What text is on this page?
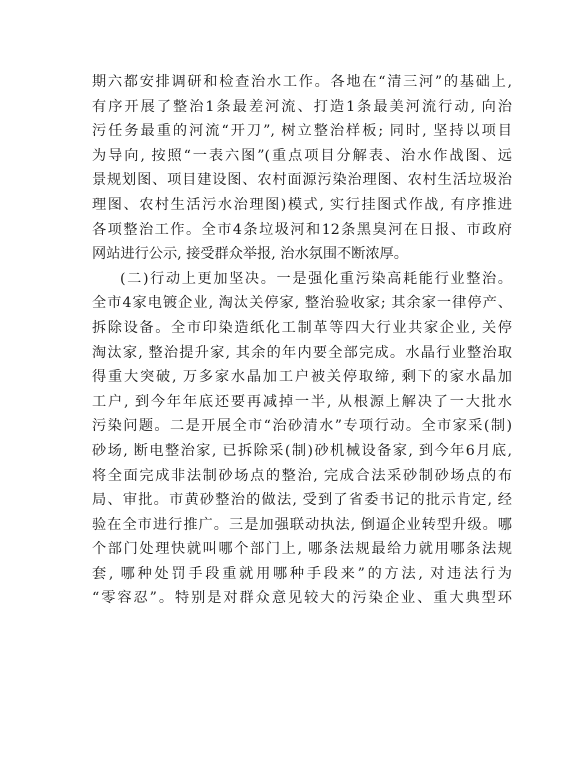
期六都安排调研和检查治水工作。各地在“清三河”的基础上,
有序开展了整治1条最差河流、打造1条最美河流行动, 向治
污任务最重的河流“开刀”, 树立整治样板; 同时, 坚持以项目
为导向, 按照“一表六图”(重点项目分解表、治水作战图、远
景规划图、项目建设图、农村面源污染治理图、农村生活垃圾治
理图、农村生活污水治理图)模式, 实行挂图式作战, 有序推进
各项整治工作。全市4条垃圾河和12条黑臭河在日报、市政府
网站进行公示, 接受群众举报, 治水氛围不断浓厚。
(二)行动上更加坚决。一是强化重污染高耗能行业整治。
全市4家电镀企业, 淘汰关停家, 整治验收家; 其余家一律停产、
拆除设备。全市印染造纸化工制革等四大行业共家企业, 关停
淘汰家, 整治提升家, 其余的年内要全部完成。水晶行业整治取
得重大突破, 万多家水晶加工户被关停取缔, 剩下的家水晶加
工户, 到今年年底还要再减掉一半, 从根源上解决了一大批水
污染问题。二是开展全市“治砂清水”专项行动。全市家采(制)
砂场, 断电整治家, 已拆除采(制)砂机械设备家, 到今年6月底,
将全面完成非法制砂场点的整治, 完成合法采砂制砂场点的布
局、审批。市黄砂整治的做法, 受到了省委书记的批示肯定, 经
验在全市进行推广。三是加强联动执法, 倒逼企业转型升级。哪
个部门处理快就叫哪个部门上, 哪条法规最给力就用哪条法规
套, 哪种处罚手段重就用哪种手段来”的方法, 对违法行为
“零容忍”。特别是对群众意见较大的污染企业、重大典型环
